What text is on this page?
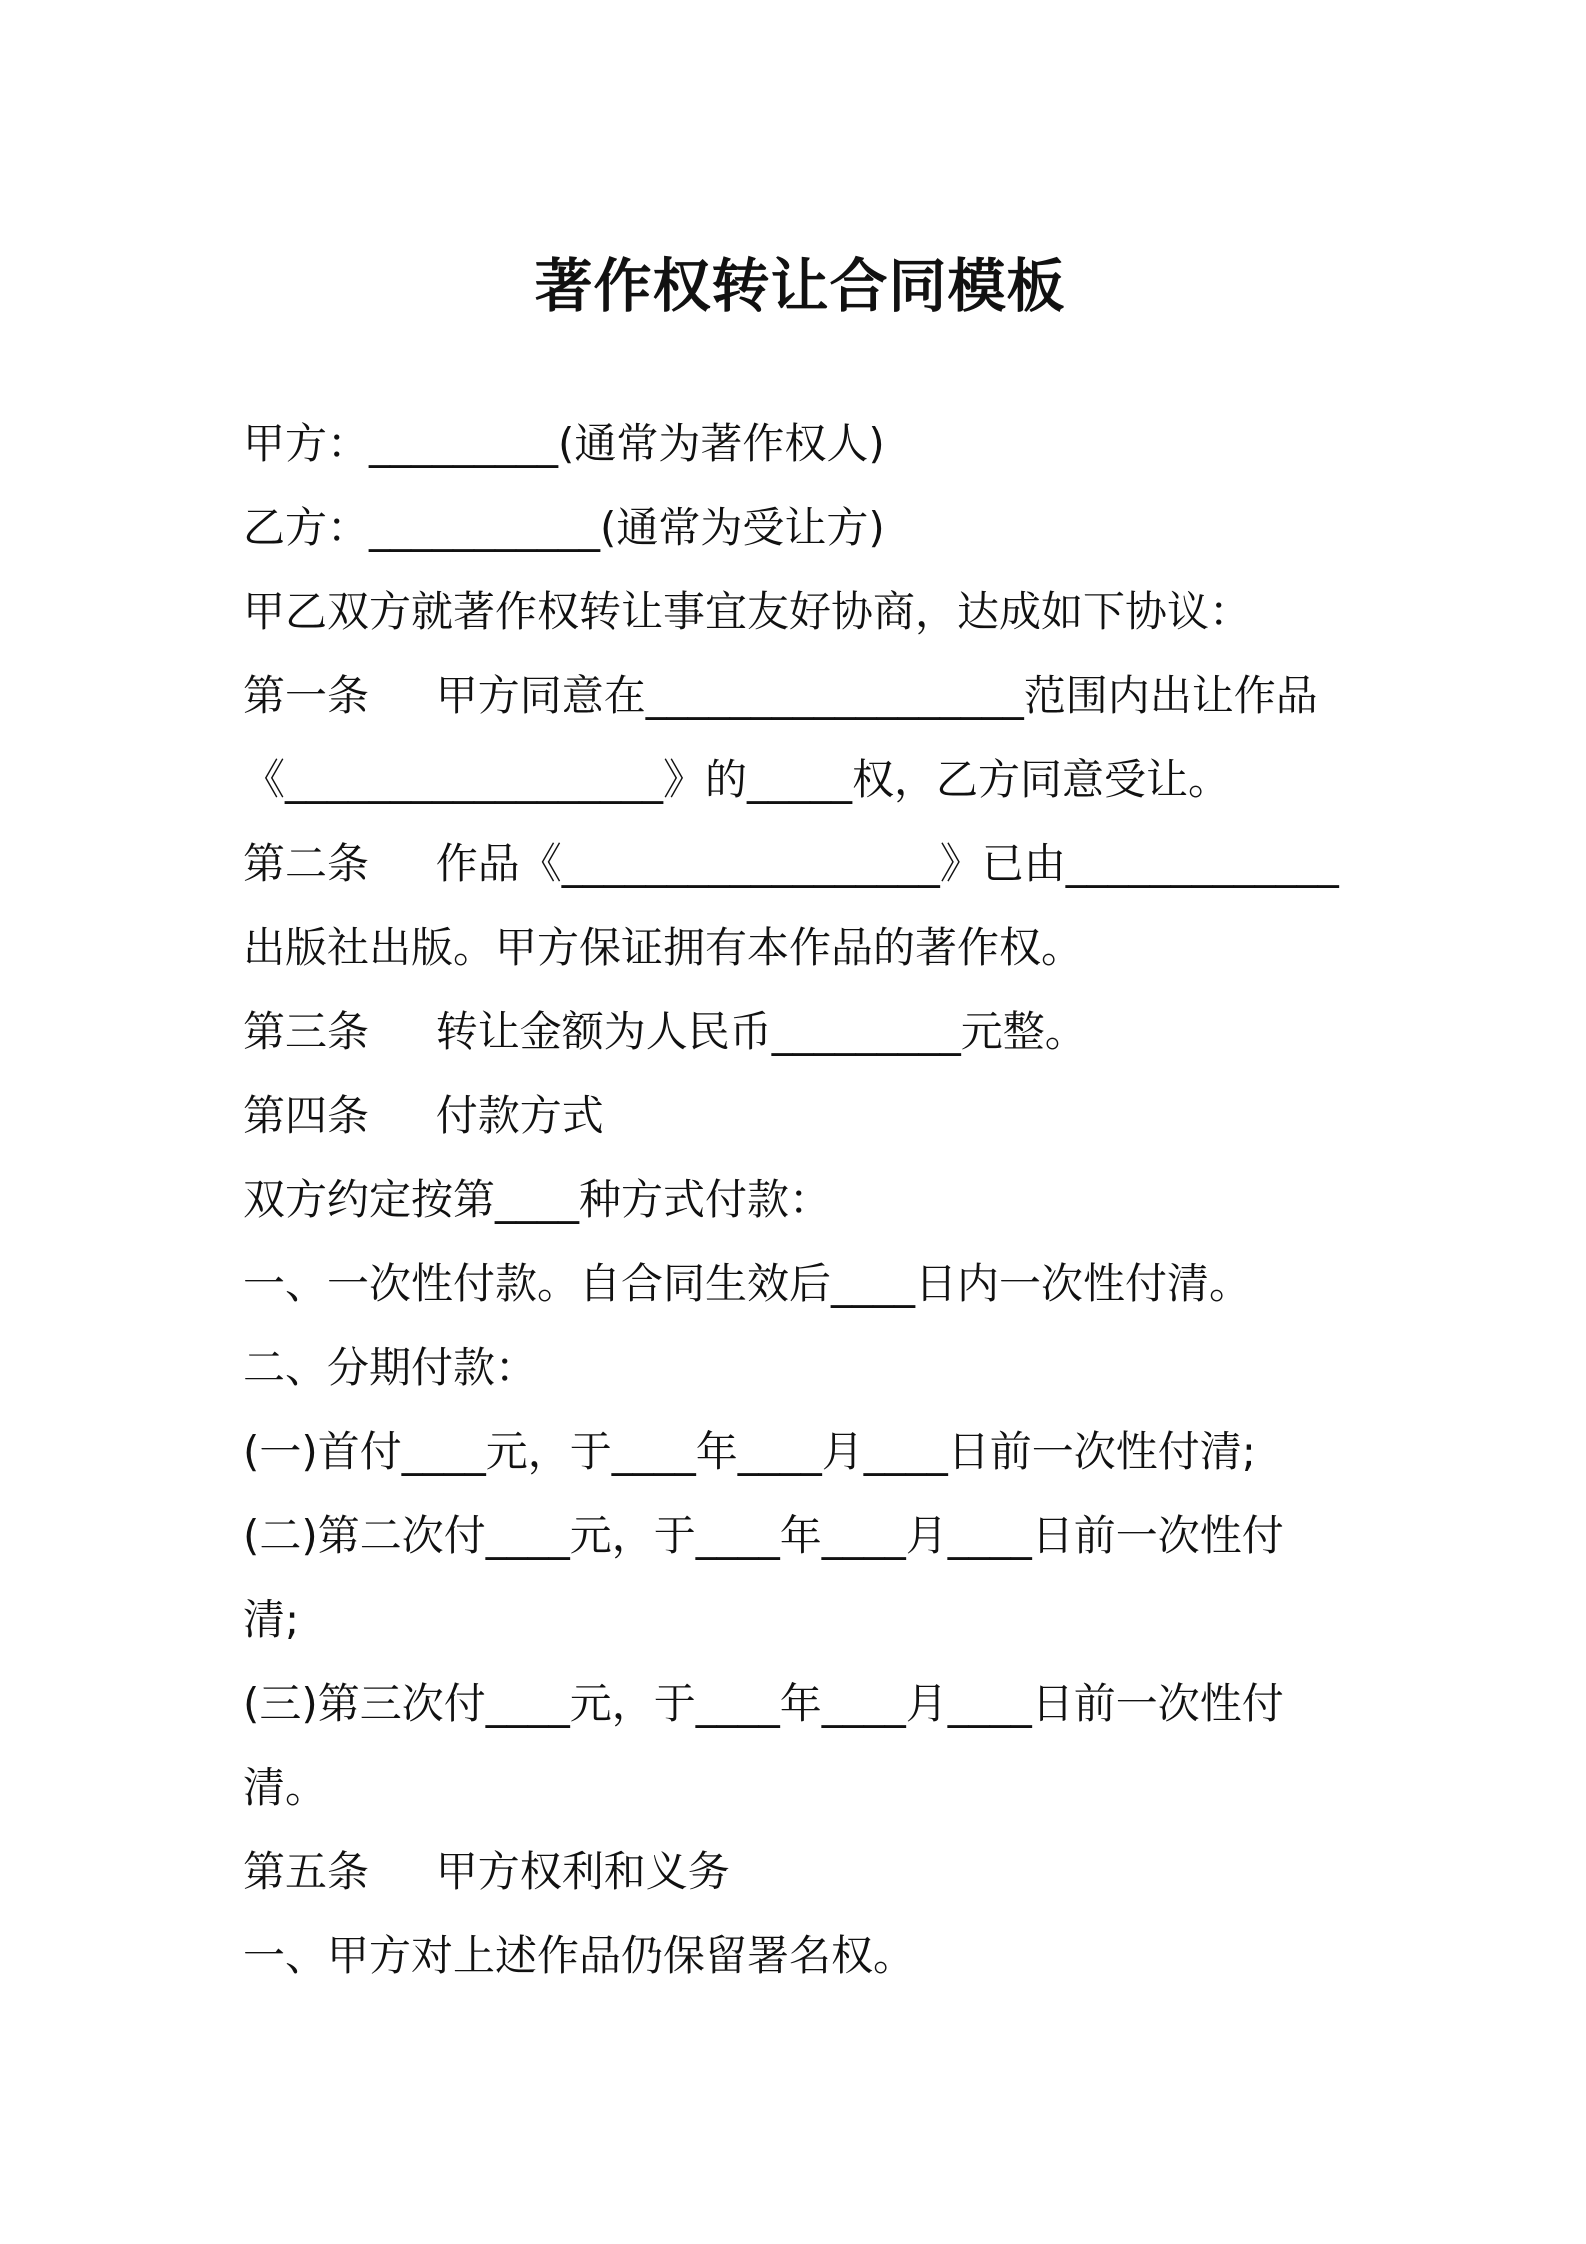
著作权转让合同模板

甲方：_________(通常为著作权人)

乙方：___________(通常为受让方)

甲乙双方就著作权转让事宜友好协商，达成如下协议：

第一条     甲方同意在__________________范围内出让作品

《__________________》的_____权，乙方同意受让。

第二条     作品《__________________》已由_____________

出版社出版。甲方保证拥有本作品的著作权。

第三条     转让金额为人民币_________元整。

第四条     付款方式

双方约定按第____种方式付款：

一、一次性付款。自合同生效后____日内一次性付清。

二、分期付款：

(一)首付____元，于____年____月____日前一次性付清;

(二)第二次付____元，于____年____月____日前一次性付

清;

(三)第三次付____元，于____年____月____日前一次性付

清。

第五条     甲方权利和义务

一、甲方对上述作品仍保留署名权。
